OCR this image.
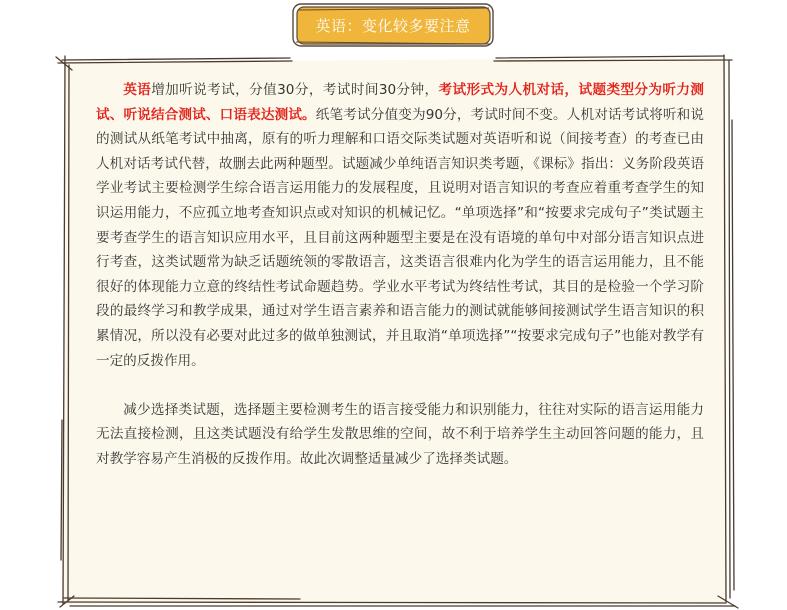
英语：变化较多要注意

英语增加听说考试，分值30分，考试时间30分钟，考试形式为人机对话，试题类型分为听力测试、听说结合测试、口语表达测试。纸笔考试分值变为90分，考试时间不变。人机对话考试将听和说的测试从纸笔考试中抽离，原有的听力理解和口语交际类试题对英语听和说（间接考查）的考查已由人机对话考试代替，故删去此两种题型。试题减少单纯语言知识类考题，《课标》指出：义务阶段英语学业考试主要检测学生综合语言运用能力的发展程度，且说明对语言知识的考查应着重考查学生的知识运用能力，不应孤立地考查知识点或对知识的机械记忆。“单项选择”和“按要求完成句子”类试题主要考查学生的语言知识应用水平，且目前这两种题型主要是在没有语境的单句中对部分语言知识点进行考查，这类试题常为缺乏话题统领的零散语言，这类语言很难内化为学生的语言运用能力，且不能很好的体现能力立意的终结性考试命题趋势。学业水平考试为终结性考试，其目的是检验一个学习阶段的最终学习和教学成果，通过对学生语言素养和语言能力的测试就能够间接测试学生语言知识的积累情况，所以没有必要对此过多的做单独测试，并且取消“单项选择”“按要求完成句子”也能对教学有一定的反拨作用。

减少选择类试题，选择题主要检测考生的语言接受能力和识别能力，往往对实际的语言运用能力无法直接检测，且这类试题没有给学生发散思维的空间，故不利于培养学生主动回答问题的能力，且对教学容易产生消极的反拨作用。故此次调整适量减少了选择类试题。
